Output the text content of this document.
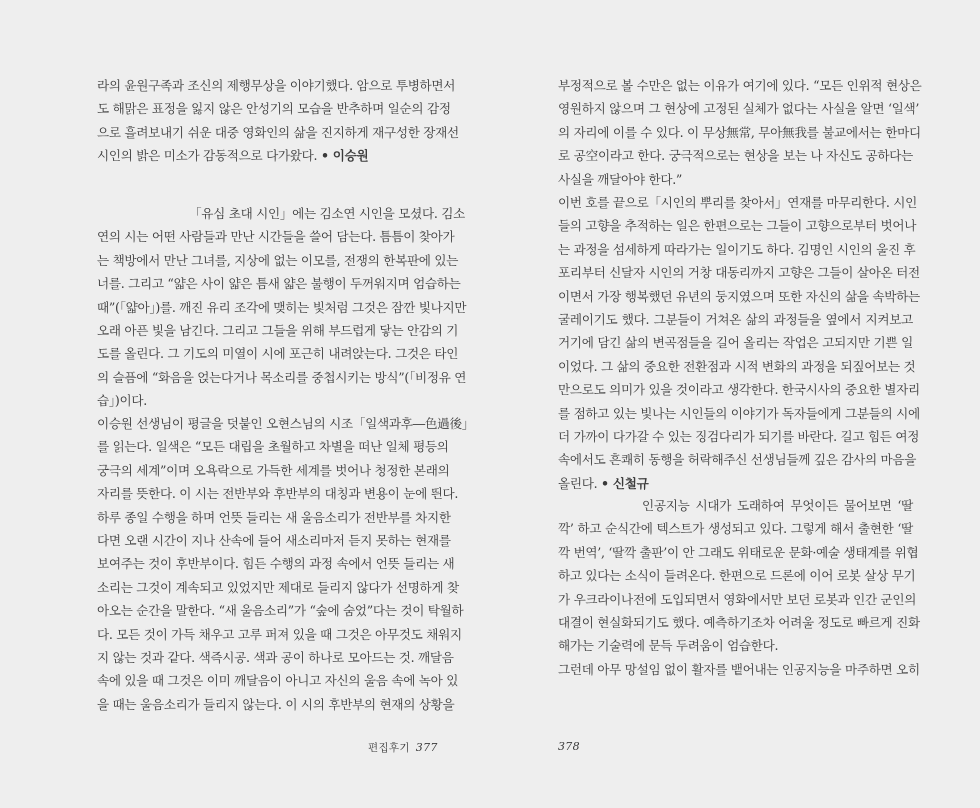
라의 윤원구족과 조신의 제행무상을 이야기했다. 암으로 투병하면서
도 해맑은 표정을 잃지 않은 안성기의 모습을 반추하며 일순의 감정
으로 흘려보내기 쉬운 대중 영화인의 삶을 진지하게 재구성한 장재선
시인의 밝은 미소가 감동적으로 다가왔다. • 이승원
「유심 초대 시인」에는 김소연 시인을 모셨다. 김소
연의 시는 어떤 사람들과 만난 시간들을 쓸어 담는다. 틈틈이 찾아가
는 책방에서 만난 그녀를, 지상에 없는 이모를, 전쟁의 한복판에 있는
너를. 그리고 “얇은 사이 얇은 틈새 얇은 불행이 두꺼워지며 엄습하는
때”(「얇아」)를. 깨진 유리 조각에 맺히는 빛처럼 그것은 잠깐 빛나지만
오래 아픈 빛을 남긴다. 그리고 그들을 위해 부드럽게 닿는 안감의 기
도를 올린다. 그 기도의 미열이 시에 포근히 내려앉는다. 그것은 타인
의 슬픔에 “화음을 얹는다거나 목소리를 중첩시키는 방식”(「비정유 연
습」)이다.
이승원 선생님이 평글을 덧붙인 오현스님의 시조「일색과후―色過後」
를 읽는다. 일색은 “모든 대립을 초월하고 차별을 떠난 일체 평등의
궁극의 세계”이며 오욕락으로 가득한 세계를 벗어나 청정한 본래의
자리를 뜻한다. 이 시는 전반부와 후반부의 대칭과 변용이 눈에 띈다.
하루 종일 수행을 하며 언뜻 들리는 새 울음소리가 전반부를 차지한
다면 오랜 시간이 지나 산속에 들어 새소리마저 듣지 못하는 현재를
보여주는 것이 후반부이다. 힘든 수행의 과정 속에서 언뜻 들리는 새
소리는 그것이 계속되고 있었지만 제대로 들리지 않다가 선명하게 찾
아오는 순간을 말한다. “새 울음소리”가 “숲에 숨었”다는 것이 탁월하
다. 모든 것이 가득 채우고 고루 퍼져 있을 때 그것은 아무것도 채워지
지 않는 것과 같다. 색즉시공. 색과 공이 하나로 모아드는 것. 깨달음
속에 있을 때 그것은 이미 깨달음이 아니고 자신의 울음 속에 녹아 있
을 때는 울음소리가 들리지 않는다. 이 시의 후반부의 현재의 상황을
편집후기 377
부정적으로 볼 수만은 없는 이유가 여기에 있다. “모든 인위적 현상은
영원하지 않으며 그 현상에 고정된 실체가 없다는 사실을 알면 ‘일색’
의 자리에 이를 수 있다. 이 무상無常, 무아無我를 불교에서는 한마디
로 공空이라고 한다. 궁극적으로는 현상을 보는 나 자신도 공하다는
사실을 깨달아야 한다.”
이번 호를 끝으로「시인의 뿌리를 찾아서」연재를 마무리한다. 시인
들의 고향을 추적하는 일은 한편으로는 그들이 고향으로부터 벗어나
는 과정을 섬세하게 따라가는 일이기도 하다. 김명인 시인의 울진 후
포리부터 신달자 시인의 거창 대동리까지 고향은 그들이 살아온 터전
이면서 가장 행복했던 유년의 둥지였으며 또한 자신의 삶을 속박하는
굴레이기도 했다. 그분들이 거쳐온 삶의 과정들을 옆에서 지켜보고
거기에 담긴 삶의 변곡점들을 길어 올리는 작업은 고되지만 기쁜 일
이었다. 그 삶의 중요한 전환점과 시적 변화의 과정을 되짚어보는 것
만으로도 의미가 있을 것이라고 생각한다. 한국시사의 중요한 별자리
를 점하고 있는 빛나는 시인들의 이야기가 독자들에게 그분들의 시에
더 가까이 다가갈 수 있는 징검다리가 되기를 바란다. 길고 힘든 여정
속에서도 흔쾌히 동행을 허락해주신 선생님들께 깊은 감사의 마음을
올린다. • 신철규
인공지능 시대가 도래하여 무엇이든 물어보면 ‘딸
깍’ 하고 순식간에 텍스트가 생성되고 있다. 그렇게 해서 출현한 ‘딸
깍 번역’, ‘딸깍 출판’이 안 그래도 위태로운 문화·예술 생태계를 위협
하고 있다는 소식이 들려온다. 한편으로 드론에 이어 로봇 살상 무기
가 우크라이나전에 도입되면서 영화에서만 보던 로봇과 인간 군인의
대결이 현실화되기도 했다. 예측하기조차 어려울 정도로 빠르게 진화
해가는 기술력에 문득 두려움이 엄습한다.
그런데 아무 망설임 없이 활자를 뱉어내는 인공지능을 마주하면 오히
378
